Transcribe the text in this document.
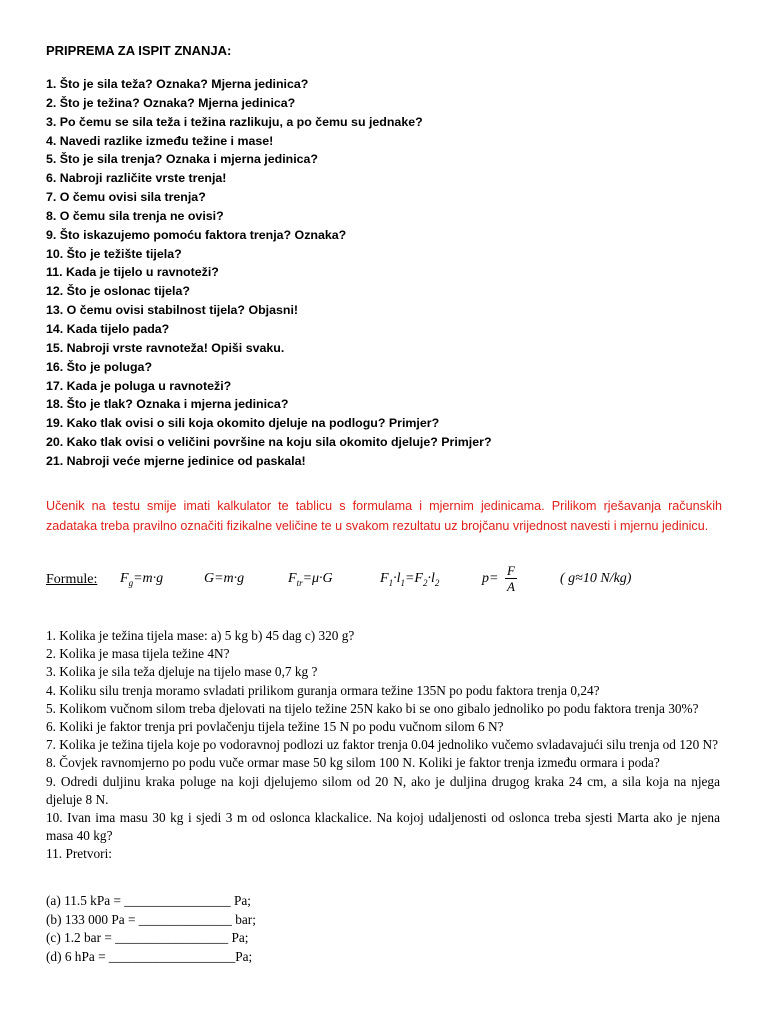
PRIPREMA ZA ISPIT ZNANJA:
1. Što je sila teža? Oznaka? Mjerna jedinica?
2. Što je težina? Oznaka? Mjerna jedinica?
3. Po čemu se sila teža i težina razlikuju, a po čemu su jednake?
4. Navedi razlike između težine i mase!
5. Što je sila trenja? Oznaka i mjerna jedinica?
6. Nabroji različite vrste trenja!
7. O čemu ovisi sila trenja?
8. O čemu sila trenja ne ovisi?
9. Što iskazujemo pomoću faktora trenja? Oznaka?
10. Što je težište tijela?
11. Kada je tijelo u ravnoteži?
12. Što je oslonac tijela?
13. O čemu ovisi stabilnost tijela? Objasni!
14. Kada tijelo pada?
15. Nabroji vrste ravnoteža! Opiši svaku.
16. Što je poluga?
17. Kada je poluga u ravnoteži?
18. Što je tlak? Oznaka i mjerna jedinica?
19. Kako tlak ovisi o sili koja okomito djeluje na podlogu? Primjer?
20. Kako tlak ovisi o veličini površine na koju sila okomito djeluje? Primjer?
21. Nabroji veće mjerne jedinice od paskala!
Učenik na testu smije imati kalkulator te tablicu s formulama i mjernim jedinicama. Prilikom rješavanja računskih zadataka treba pravilno označiti fizikalne veličine te u svakom rezultatu uz brojčanu vrijednost navesti i mjernu jedinicu.
Formule: $F_g=m\cdot g$	G=m·g	$F_{tr}=\mu\cdot G$	$F_1\cdot l_1=F_2\cdot l_2$	$p= \frac{F}{A}$	( g≈10 N/kg)
1. Kolika je težina tijela mase: a) 5 kg b) 45 dag c) 320 g?
2. Kolika je masa tijela težine 4N?
3. Kolika je sila teža djeluje na tijelo mase 0,7 kg ?
4. Koliku silu trenja moramo svladati prilikom guranja ormara težine 135N po podu faktora trenja 0,24?
5. Kolikom vučnom silom treba djelovati na tijelo težine 25N kako bi se ono gibalo jednoliko po podu faktora trenja 30%?
6. Koliki je faktor trenja pri povlačenju tijela težine 15 N po podu vučnom silom 6 N?
7. Kolika je težina tijela koje po vodoravnoj podlozi uz faktor trenja 0.04 jednoliko vučemo svladavajući silu trenja od 120 N?
8. Čovjek ravnomjerno po podu vuče ormar mase 50 kg silom 100 N. Koliki je faktor trenja između ormara i poda?
9. Odredi duljinu kraka poluge na koji djelujemo silom od 20 N, ako je duljina drugog kraka 24 cm, a sila koja na njega djeluje 8 N.
10. Ivan ima masu 30 kg i sjedi 3 m od oslonca klackalice. Na kojoj udaljenosti od oslonca treba sjesti Marta ako je njena masa 40 kg?
11. Pretvori:
(a) 11.5 kPa = ________________ Pa;
(b) 133 000 Pa = ______________ bar;
(c) 1.2 bar = _________________ Pa;
(d) 6 hPa = ___________________Pa;
